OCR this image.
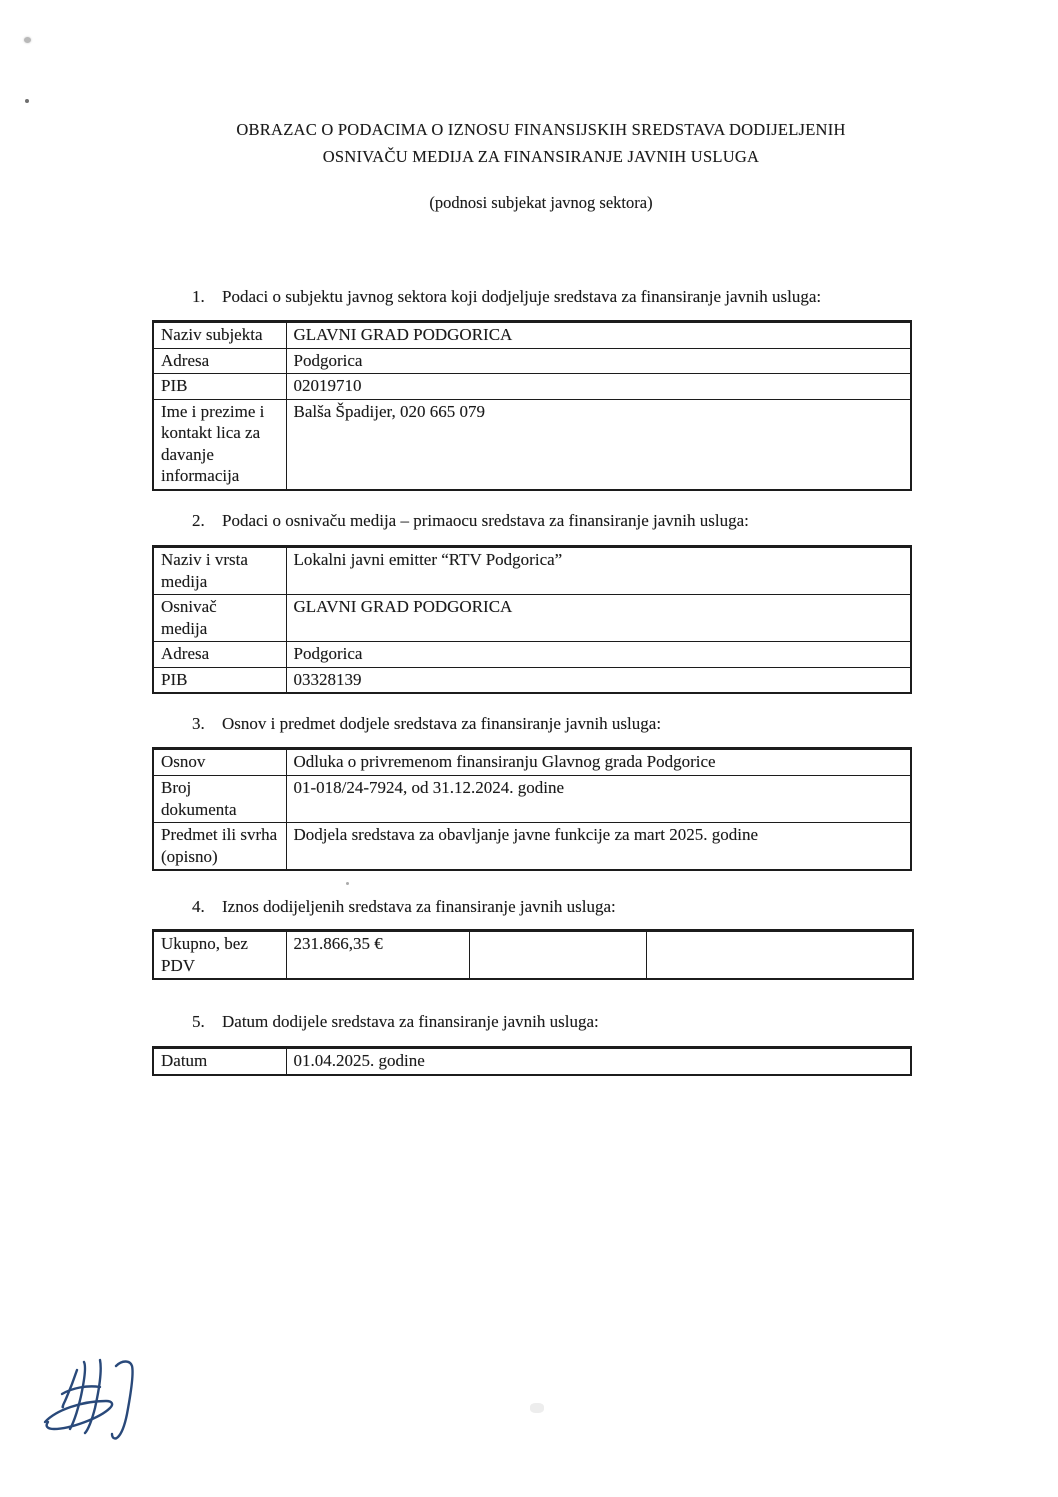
OBRAZAC O PODACIMA O IZNOSU FINANSIJSKIH SREDSTAVA DODIJELJENIH
OSNIVAČU MEDIJA ZA FINANSIRANJE JAVNIH USLUGA
(podnosi subjekat javnog sektora)
1.	Podaci o subjektu javnog sektora koji dodjeljuje sredstava za finansiranje javnih usluga:
Naziv subjekta	GLAVNI GRAD PODGORICA
Adresa	Podgorica
PIB	02019710
Ime i prezime i kontakt lica za davanje informacija	Balša Špadijer, 020 665 079
2.	Podaci o osnivaču medija – primaocu sredstava za finansiranje javnih usluga:
Naziv i vrsta medija	Lokalni javni emitter “RTV Podgorica”
Osnivač medija	GLAVNI GRAD PODGORICA
Adresa	Podgorica
PIB	03328139
3.	Osnov i predmet dodjele sredstava za finansiranje javnih usluga:
Osnov	Odluka o privremenom finansiranju Glavnog grada Podgorice
Broj dokumenta	01-018/24-7924, od 31.12.2024. godine
Predmet ili svrha (opisno)	Dodjela sredstava za obavljanje javne funkcije za mart 2025. godine
4.	Iznos dodijeljenih sredstava za finansiranje javnih usluga:
Ukupno, bez PDV	231.866,35 €		
5.	Datum dodijele sredstava za finansiranje javnih usluga:
Datum	01.04.2025. godine
